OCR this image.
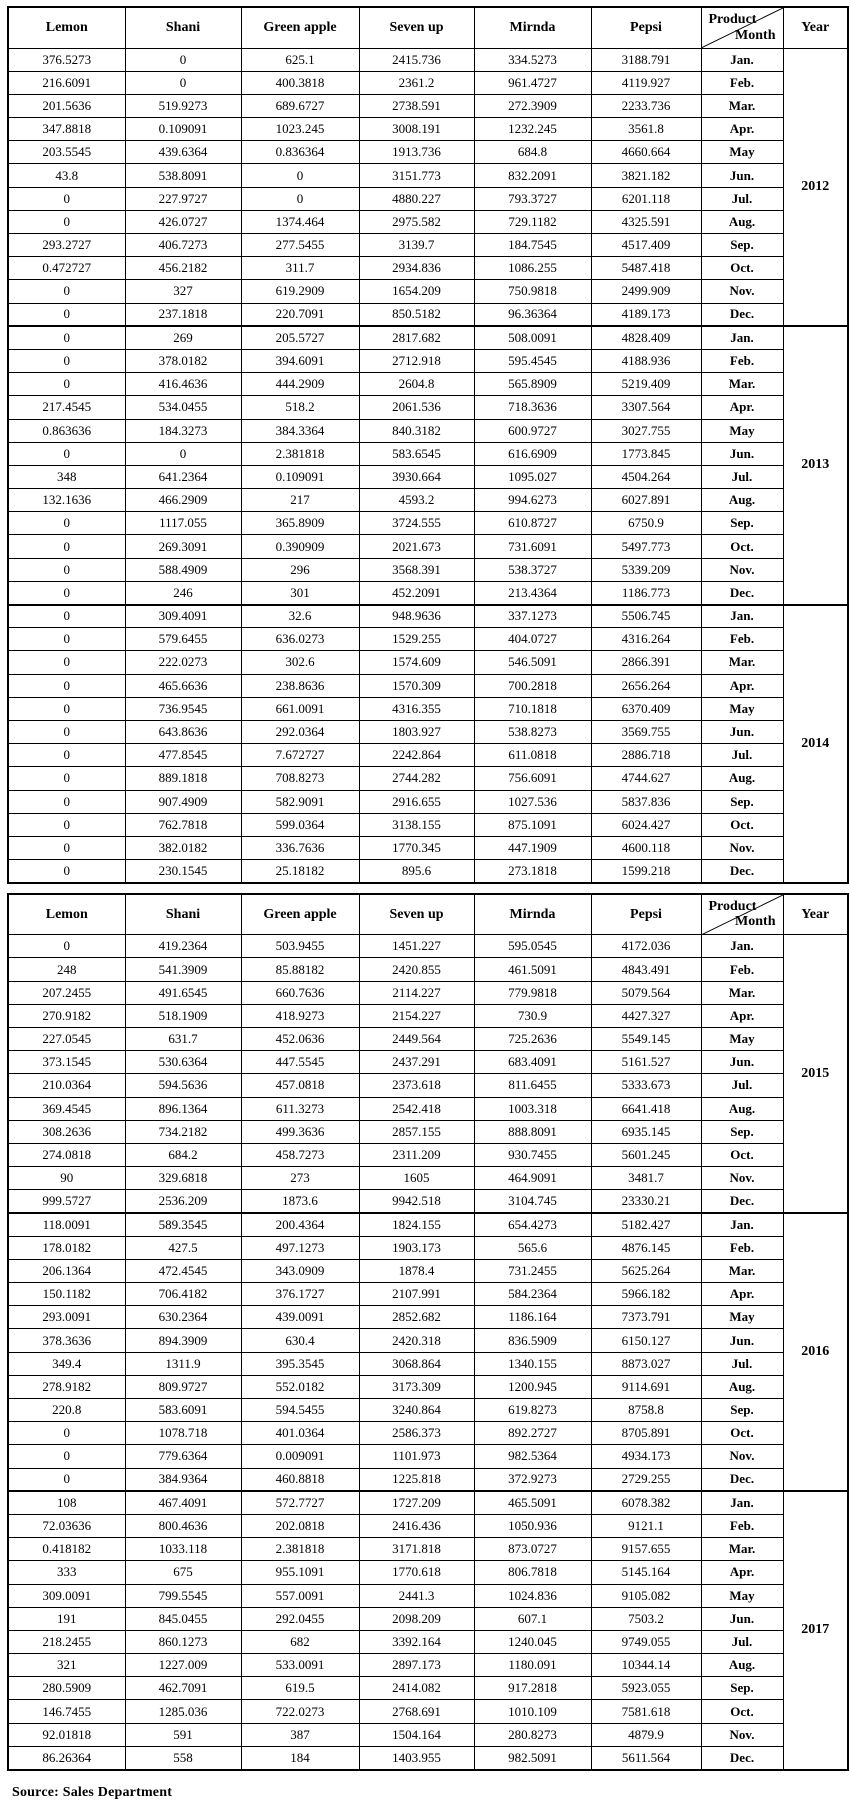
Lemon	Shani	Green apple	Seven up	Mirnda	Pepsi	Product
Month	Year
376.5273	0	625.1	2415.736	334.5273	3188.791	Jan.	2012
216.6091	0	400.3818	2361.2	961.4727	4119.927	Feb.	
201.5636	519.9273	689.6727	2738.591	272.3909	2233.736	Mar.	
347.8818	0.109091	1023.245	3008.191	1232.245	3561.8	Apr.	
203.5545	439.6364	0.836364	1913.736	684.8	4660.664	May	
43.8	538.8091	0	3151.773	832.2091	3821.182	Jun.	
0	227.9727	0	4880.227	793.3727	6201.118	Jul.	
0	426.0727	1374.464	2975.582	729.1182	4325.591	Aug.	
293.2727	406.7273	277.5455	3139.7	184.7545	4517.409	Sep.	
0.472727	456.2182	311.7	2934.836	1086.255	5487.418	Oct.	
0	327	619.2909	1654.209	750.9818	2499.909	Nov.	
0	237.1818	220.7091	850.5182	96.36364	4189.173	Dec.	
0	269	205.5727	2817.682	508.0091	4828.409	Jan.	2013
0	378.0182	394.6091	2712.918	595.4545	4188.936	Feb.	
0	416.4636	444.2909	2604.8	565.8909	5219.409	Mar.	
217.4545	534.0455	518.2	2061.536	718.3636	3307.564	Apr.	
0.863636	184.3273	384.3364	840.3182	600.9727	3027.755	May	
0	0	2.381818	583.6545	616.6909	1773.845	Jun.	
348	641.2364	0.109091	3930.664	1095.027	4504.264	Jul.	
132.1636	466.2909	217	4593.2	994.6273	6027.891	Aug.	
0	1117.055	365.8909	3724.555	610.8727	6750.9	Sep.	
0	269.3091	0.390909	2021.673	731.6091	5497.773	Oct.	
0	588.4909	296	3568.391	538.3727	5339.209	Nov.	
0	246	301	452.2091	213.4364	1186.773	Dec.	
0	309.4091	32.6	948.9636	337.1273	5506.745	Jan.	2014
0	579.6455	636.0273	1529.255	404.0727	4316.264	Feb.	
0	222.0273	302.6	1574.609	546.5091	2866.391	Mar.	
0	465.6636	238.8636	1570.309	700.2818	2656.264	Apr.	
0	736.9545	661.0091	4316.355	710.1818	6370.409	May	
0	643.8636	292.0364	1803.927	538.8273	3569.755	Jun.	
0	477.8545	7.672727	2242.864	611.0818	2886.718	Jul.	
0	889.1818	708.8273	2744.282	756.6091	4744.627	Aug.	
0	907.4909	582.9091	2916.655	1027.536	5837.836	Sep.	
0	762.7818	599.0364	3138.155	875.1091	6024.427	Oct.	
0	382.0182	336.7636	1770.345	447.1909	4600.118	Nov.	
0	230.1545	25.18182	895.6	273.1818	1599.218	Dec.	
Lemon	Shani	Green apple	Seven up	Mirnda	Pepsi	Product
Month	Year
0	419.2364	503.9455	1451.227	595.0545	4172.036	Jan.	2015
248	541.3909	85.88182	2420.855	461.5091	4843.491	Feb.	
207.2455	491.6545	660.7636	2114.227	779.9818	5079.564	Mar.	
270.9182	518.1909	418.9273	2154.227	730.9	4427.327	Apr.	
227.0545	631.7	452.0636	2449.564	725.2636	5549.145	May	
373.1545	530.6364	447.5545	2437.291	683.4091	5161.527	Jun.	
210.0364	594.5636	457.0818	2373.618	811.6455	5333.673	Jul.	
369.4545	896.1364	611.3273	2542.418	1003.318	6641.418	Aug.	
308.2636	734.2182	499.3636	2857.155	888.8091	6935.145	Sep.	
274.0818	684.2	458.7273	2311.209	930.7455	5601.245	Oct.	
90	329.6818	273	1605	464.9091	3481.7	Nov.	
999.5727	2536.209	1873.6	9942.518	3104.745	23330.21	Dec.	
118.0091	589.3545	200.4364	1824.155	654.4273	5182.427	Jan.	2016
178.0182	427.5	497.1273	1903.173	565.6	4876.145	Feb.	
206.1364	472.4545	343.0909	1878.4	731.2455	5625.264	Mar.	
150.1182	706.4182	376.1727	2107.991	584.2364	5966.182	Apr.	
293.0091	630.2364	439.0091	2852.682	1186.164	7373.791	May	
378.3636	894.3909	630.4	2420.318	836.5909	6150.127	Jun.	
349.4	1311.9	395.3545	3068.864	1340.155	8873.027	Jul.	
278.9182	809.9727	552.0182	3173.309	1200.945	9114.691	Aug.	
220.8	583.6091	594.5455	3240.864	619.8273	8758.8	Sep.	
0	1078.718	401.0364	2586.373	892.2727	8705.891	Oct.	
0	779.6364	0.009091	1101.973	982.5364	4934.173	Nov.	
0	384.9364	460.8818	1225.818	372.9273	2729.255	Dec.	
108	467.4091	572.7727	1727.209	465.5091	6078.382	Jan.	2017
72.03636	800.4636	202.0818	2416.436	1050.936	9121.1	Feb.	
0.418182	1033.118	2.381818	3171.818	873.0727	9157.655	Mar.	
333	675	955.1091	1770.618	806.7818	5145.164	Apr.	
309.0091	799.5545	557.0091	2441.3	1024.836	9105.082	May	
191	845.0455	292.0455	2098.209	607.1	7503.2	Jun.	
218.2455	860.1273	682	3392.164	1240.045	9749.055	Jul.	
321	1227.009	533.0091	2897.173	1180.091	10344.14	Aug.	
280.5909	462.7091	619.5	2414.082	917.2818	5923.055	Sep.	
146.7455	1285.036	722.0273	2768.691	1010.109	7581.618	Oct.	
92.01818	591	387	1504.164	280.8273	4879.9	Nov.	
86.26364	558	184	1403.955	982.5091	5611.564	Dec.	

Source: Sales Department
